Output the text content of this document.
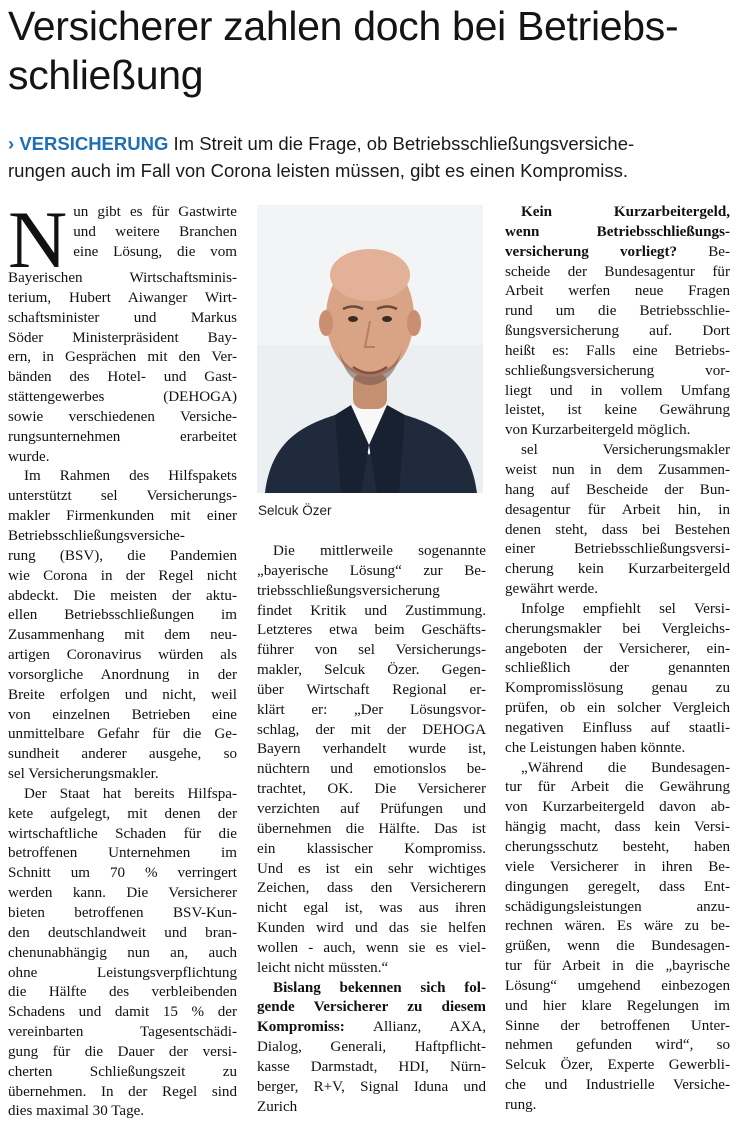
Versicherer zahlen doch bei Betriebs-
schließung
› VERSICHERUNG Im Streit um die Frage, ob Betriebsschließungsversiche-
rungen auch im Fall von Corona leisten müssen, gibt es einen Kompromiss.
N un gibt es für Gastwirte
und weitere Branchen
eine Lösung, die vom
Bayerischen Wirtschaftsminis-
terium, Hubert Aiwanger Wirt-
schaftsminister und Markus
Söder Ministerpräsident Bay-
ern, in Gesprächen mit den Ver-
bänden des Hotel- und Gast-
stättengewerbes (DEHOGA)
sowie verschiedenen Versiche-
rungsunternehmen erarbeitet
wurde.
Im Rahmen des Hilfspakets
unterstützt sel Versicherungs-
makler Firmenkunden mit einer
Betriebsschließungsversiche-
rung (BSV), die Pandemien
wie Corona in der Regel nicht
abdeckt. Die meisten der aktu-
ellen Betriebsschließungen im
Zusammenhang mit dem neu-
artigen Coronavirus würden als
vorsorgliche Anordnung in der
Breite erfolgen und nicht, weil
von einzelnen Betrieben eine
unmittelbare Gefahr für die Ge-
sundheit anderer ausgehe, so
sel Versicherungsmakler.
Der Staat hat bereits Hilfspa-
kete aufgelegt, mit denen der
wirtschaftliche Schaden für die
betroffenen Unternehmen im
Schnitt um 70 % verringert
werden kann. Die Versicherer
bieten betroffenen BSV-Kun-
den deutschlandweit und bran-
chenunabhängig nun an, auch
ohne Leistungsverpflichtung
die Hälfte des verbleibenden
Schadens und damit 15 % der
vereinbarten Tagesentschädi-
gung für die Dauer der versi-
cherten Schließungszeit zu
übernehmen. In der Regel sind
dies maximal 30 Tage.
Selcuk Özer
Die mittlerweile sogenannte
„bayerische Lösung“ zur Be-
triebsschließungsversicherung
findet Kritik und Zustimmung.
Letzteres etwa beim Geschäfts-
führer von sel Versicherungs-
makler, Selcuk Özer. Gegen-
über Wirtschaft Regional er-
klärt er: „Der Lösungsvor-
schlag, der mit der DEHOGA
Bayern verhandelt wurde ist,
nüchtern und emotionslos be-
trachtet, OK. Die Versicherer
verzichten auf Prüfungen und
übernehmen die Hälfte. Das ist
ein klassischer Kompromiss.
Und es ist ein sehr wichtiges
Zeichen, dass den Versicherern
nicht egal ist, was aus ihren
Kunden wird und das sie helfen
wollen - auch, wenn sie es viel-
leicht nicht müssten.“
Bislang bekennen sich fol-
gende Versicherer zu diesem
Kompromiss: Allianz, AXA,
Dialog, Generali, Haftpflicht-
kasse Darmstadt, HDI, Nürn-
berger, R+V, Signal Iduna und
Zurich
Kein Kurzarbeitergeld,
wenn Betriebsschließungs-
versicherung vorliegt? Be-
scheide der Bundesagentur für
Arbeit werfen neue Fragen
rund um die Betriebsschlie-
ßungsversicherung auf. Dort
heißt es: Falls eine Betriebs-
schließungsversicherung vor-
liegt und in vollem Umfang
leistet, ist keine Gewährung
von Kurzarbeitergeld möglich.
sel Versicherungsmakler
weist nun in dem Zusammen-
hang auf Bescheide der Bun-
desagentur für Arbeit hin, in
denen steht, dass bei Bestehen
einer Betriebsschließungsversi-
cherung kein Kurzarbeitergeld
gewährt werde.
Infolge empfiehlt sel Versi-
cherungsmakler bei Vergleichs-
angeboten der Versicherer, ein-
schließlich der genannten
Kompromisslösung genau zu
prüfen, ob ein solcher Vergleich
negativen Einfluss auf staatli-
che Leistungen haben könnte.
„Während die Bundesagen-
tur für Arbeit die Gewährung
von Kurzarbeitergeld davon ab-
hängig macht, dass kein Versi-
cherungsschutz besteht, haben
viele Versicherer in ihren Be-
dingungen geregelt, dass Ent-
schädigungsleistungen anzu-
rechnen wären. Es wäre zu be-
grüßen, wenn die Bundesagen-
tur für Arbeit in die „bayrische
Lösung“ umgehend einbezogen
und hier klare Regelungen im
Sinne der betroffenen Unter-
nehmen gefunden wird“, so
Selcuk Özer, Experte Gewerbli-
che und Industrielle Versiche-
rung.
